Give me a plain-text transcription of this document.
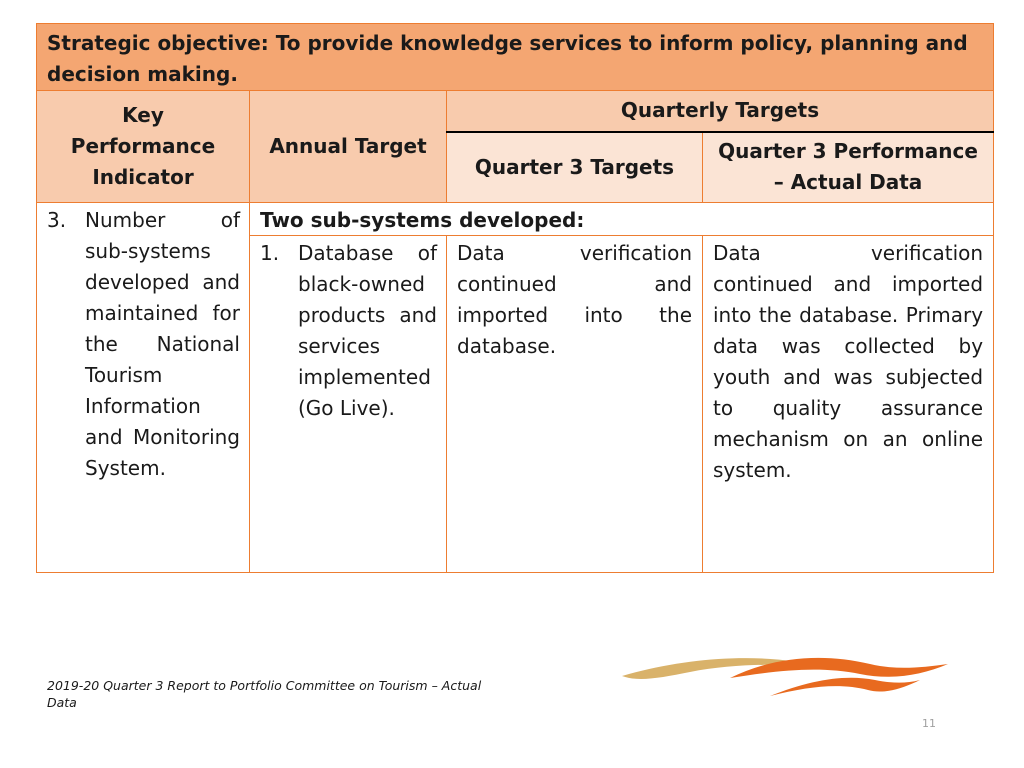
Strategic objective: To provide knowledge services to inform policy, planning and decision making.			

Key Performance Indicator	Annual Target	Quarterly Targets	
		Quarter 3 Targets	Quarter 3 Performance – Actual Data

3. Number of sub-systems developed and maintained for the National Tourism Information and Monitoring System.	Two sub-systems developed:		

	1. Database of black-owned products and services implemented (Go Live).	Data verification continued and imported into the database.	Data verification continued and imported into the database. Primary data was collected by youth and was subjected to quality assurance mechanism on an online system.
2019-20 Quarter 3 Report to Portfolio Committee on Tourism – Actual Data
11
